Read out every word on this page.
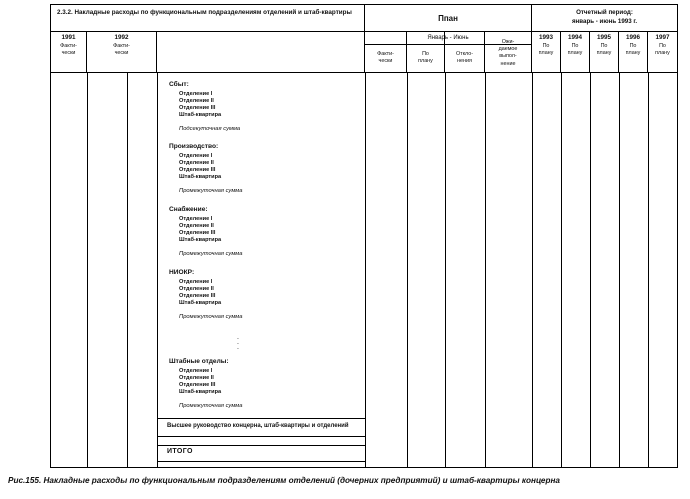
2.3.2. Накладные расходы по функциональным подразделениям отделений и штаб-квартиры
Ппан
Отчетный период:
январь - июнь 1993 г.
Январь - Июнь
1991
Факти-
чески
1992
Факти-
чески	Факти-
чески
По
плану
Откло-
нения
Ожи-
даемое
выпол-
нение
1993
По
плану
1994
По
плану
1995
По
плану
1996
По
плану
1997
По
плану
Сбыт:
Отделение I
Отделение II
Отделение III
Штаб-квартира
Подсекуточная сумма
Производство:
Отделение I
Отделение II
Отделение III
Штаб-квартира
Промежуточная сумма
Снабжение:
Отделение I
Отделение II
Отделение III
Штаб-квартира
Промежуточная сумма
НИОКР:
Отделение I
Отделение II
Отделение III
Штаб-квартира
Промежуточная сумма
.
.
.
Штабные отделы:
Отделение I
Отделение II
Отделение III
Штаб-квартира
Промежуточная сумма
Высшее руководство концерна, штаб-квартиры и отделений
ИТОГО
Рис.155. Накладные расходы по функциональным подразделениям отделений (дочерних предприятий) и штаб-квартиры концерна
